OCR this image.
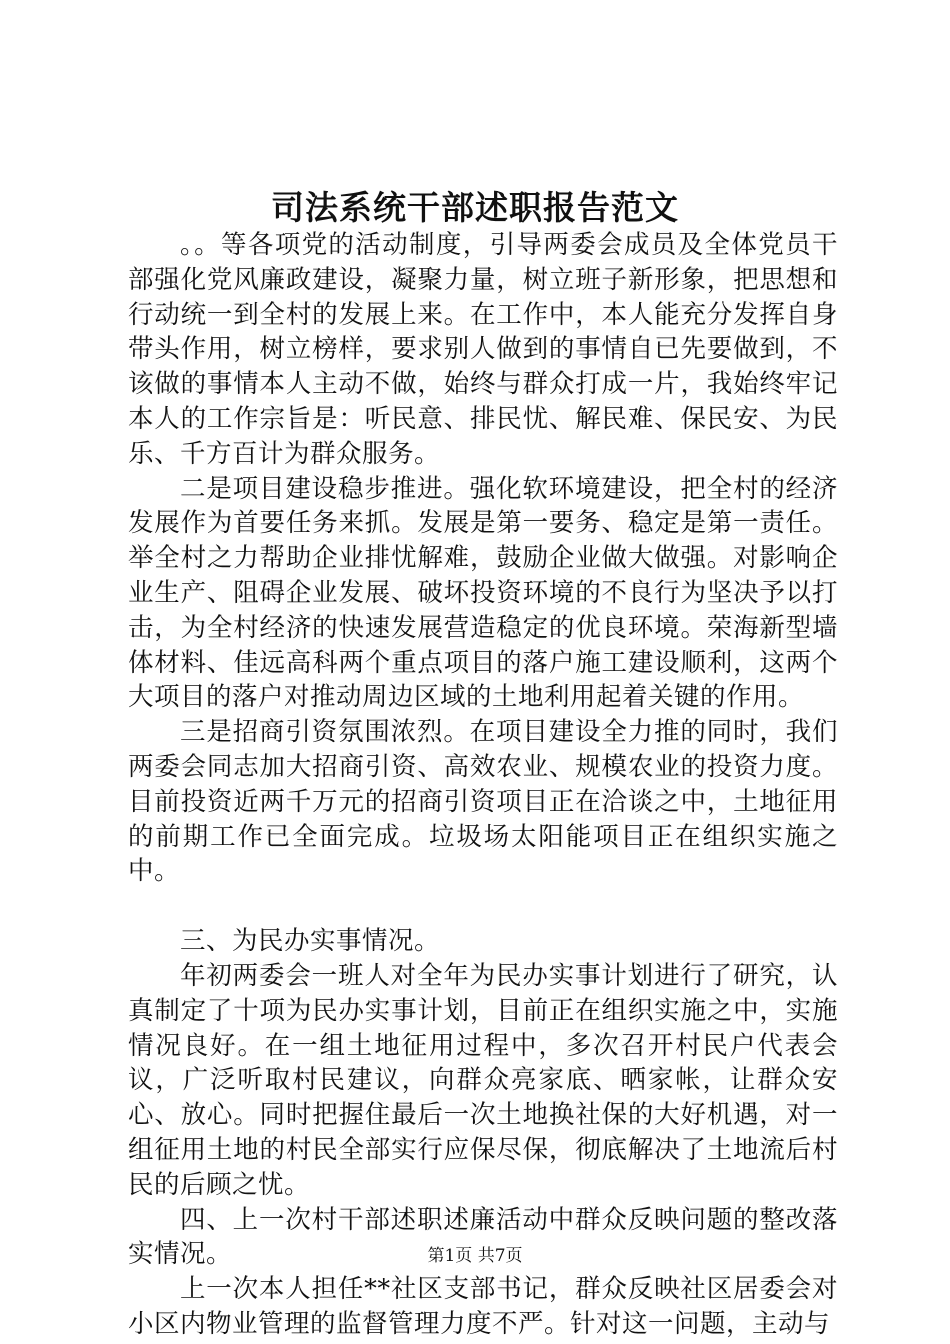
司法系统干部述职报告范文

。。等各项党的活动制度，引导两委会成员及全体党员干部强化党风廉政建设，凝聚力量，树立班子新形象，把思想和行动统一到全村的发展上来。在工作中，本人能充分发挥自身带头作用，树立榜样，要求别人做到的事情自已先要做到，不该做的事情本人主动不做，始终与群众打成一片，我始终牢记本人的工作宗旨是：听民意、排民忧、解民难、保民安、为民乐、千方百计为群众服务。

二是项目建设稳步推进。强化软环境建设，把全村的经济发展作为首要任务来抓。发展是第一要务、稳定是第一责任。举全村之力帮助企业排忧解难，鼓励企业做大做强。对影响企业生产、阻碍企业发展、破坏投资环境的不良行为坚决予以打击，为全村经济的快速发展营造稳定的优良环境。荣海新型墙体材料、佳远高科两个重点项目的落户施工建设顺利，这两个大项目的落户对推动周边区域的土地利用起着关键的作用。

三是招商引资氛围浓烈。在项目建设全力推的同时，我们两委会同志加大招商引资、高效农业、规模农业的投资力度。目前投资近两千万元的招商引资项目正在洽谈之中，土地征用的前期工作已全面完成。垃圾场太阳能项目正在组织实施之中。

三、为民办实事情况。

年初两委会一班人对全年为民办实事计划进行了研究，认真制定了十项为民办实事计划，目前正在组织实施之中，实施情况良好。在一组土地征用过程中，多次召开村民户代表会议，广泛听取村民建议，向群众亮家底、晒家帐，让群众安心、放心。同时把握住最后一次土地换社保的大好机遇，对一组征用土地的村民全部实行应保尽保，彻底解决了土地流后村民的后顾之忧。

四、上一次村干部述职述廉活动中群众反映问题的整改落实情况。

上一次本人担任**社区支部书记，群众反映社区居委会对小区内物业管理的监督管理力度不严。针对这一问题，主动与

第1页 共7页
